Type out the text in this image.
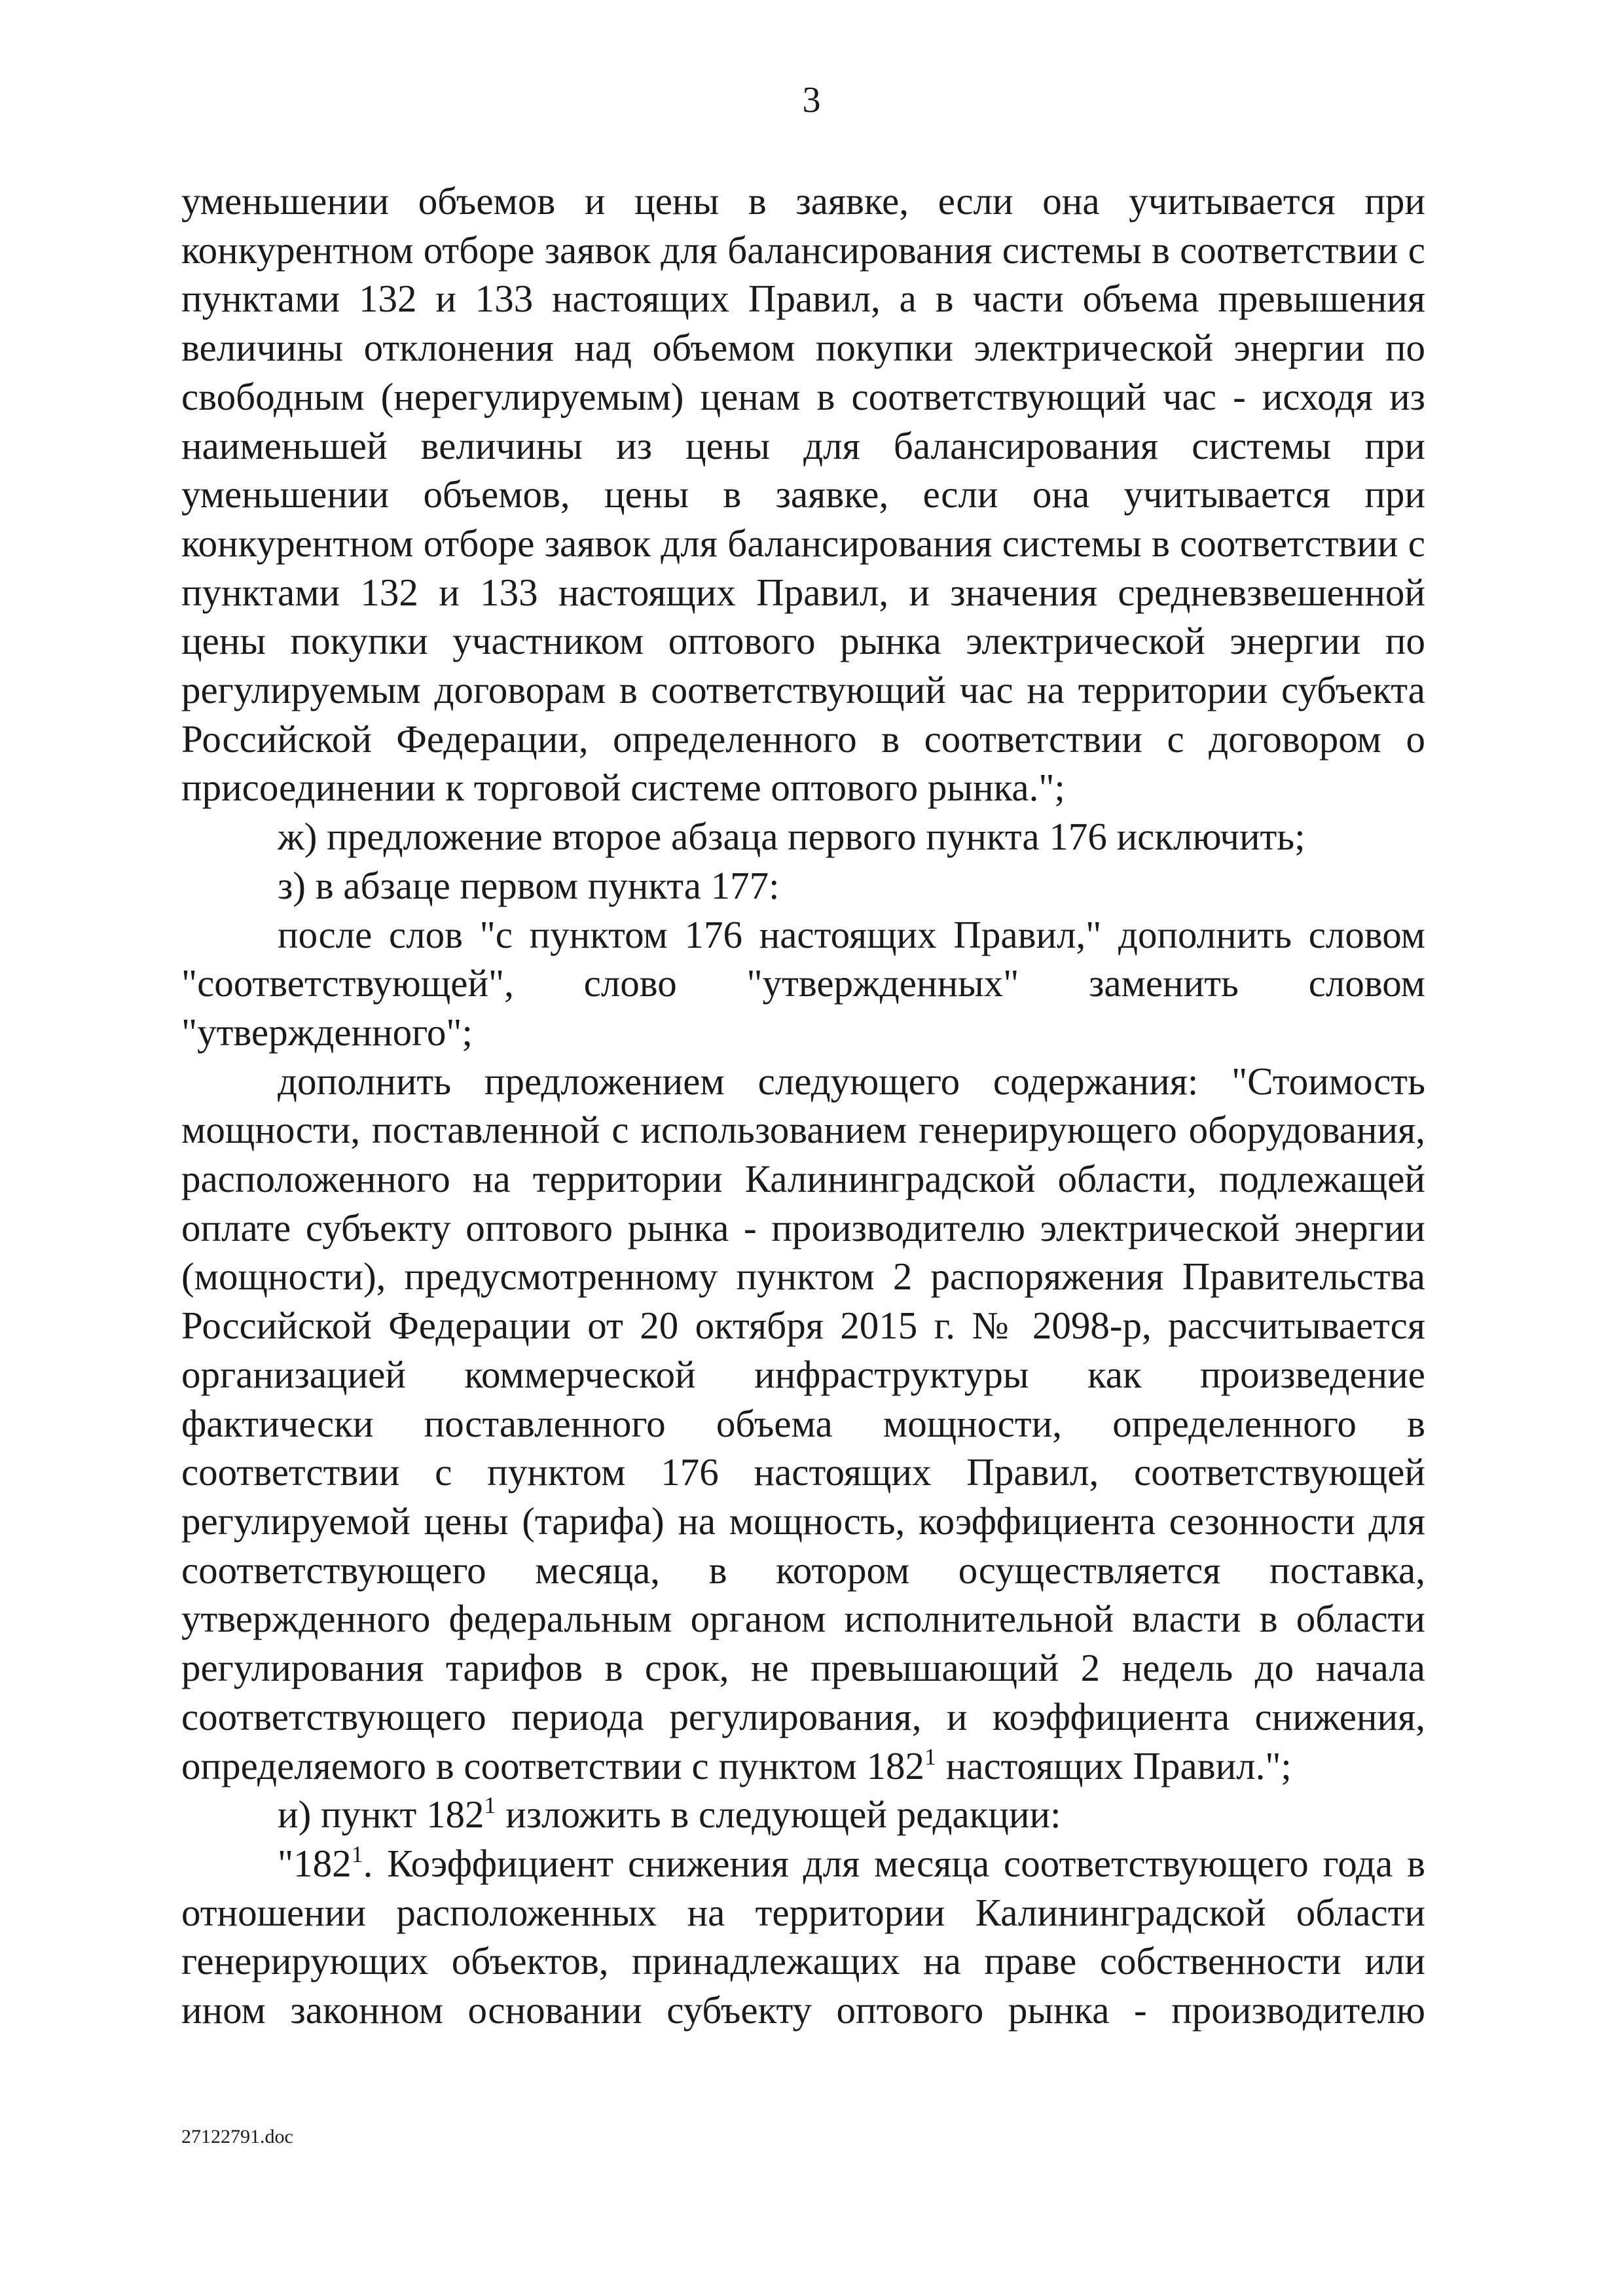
3

уменьшении объемов и цены в заявке, если она учитывается при конкурентном отборе заявок для балансирования системы в соответствии с пунктами 132 и 133 настоящих Правил, а в части объема превышения величины отклонения над объемом покупки электрической энергии по свободным (нерегулируемым) ценам в соответствующий час - исходя из наименьшей величины из цены для балансирования системы при уменьшении объемов, цены в заявке, если она учитывается при конкурентном отборе заявок для балансирования системы в соответствии с пунктами 132 и 133 настоящих Правил, и значения средневзвешенной цены покупки участником оптового рынка электрической энергии по регулируемым договорам в соответствующий час на территории субъекта Российской Федерации, определенного в соответствии с договором о присоединении к торговой системе оптового рынка.";

ж) предложение второе абзаца первого пункта 176 исключить;

з) в абзаце первом пункта 177:

после слов "с пунктом 176 настоящих Правил," дополнить словом "соответствующей", слово "утвержденных" заменить словом "утвержденного";

дополнить предложением следующего содержания: "Стоимость мощности, поставленной с использованием генерирующего оборудования, расположенного на территории Калининградской области, подлежащей оплате субъекту оптового рынка - производителю электрической энергии (мощности), предусмотренному пунктом 2 распоряжения Правительства Российской Федерации от 20 октября 2015 г. № 2098-р, рассчитывается организацией коммерческой инфраструктуры как произведение фактически поставленного объема мощности, определенного в соответствии с пунктом 176 настоящих Правил, соответствующей регулируемой цены (тарифа) на мощность, коэффициента сезонности для соответствующего месяца, в котором осуществляется поставка, утвержденного федеральным органом исполнительной власти в области регулирования тарифов в срок, не превышающий 2 недель до начала соответствующего периода регулирования, и коэффициента снижения, определяемого в соответствии с пунктом $182^1$ настоящих Правил.";

и) пункт $182^1$ изложить в следующей редакции:

"$182^1$. Коэффициент снижения для месяца соответствующего года в отношении расположенных на территории Калининградской области генерирующих объектов, принадлежащих на праве собственности или ином законном основании субъекту оптового рынка - производителю

27122791.doc
